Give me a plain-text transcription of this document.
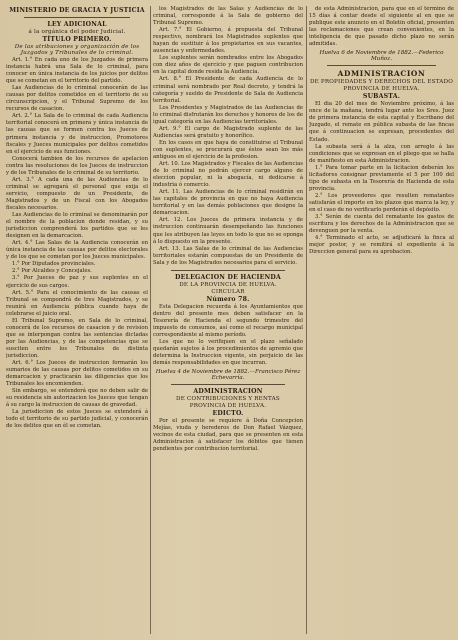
MINISTERIO DE GRACIA Y JUSTICIA
LEY ADICIONAL
á la orgánica del poder Judicial.
TÍTULO PRIMERO.
De las atribuciones y organización de los Juzgados y Tribunales de lo criminal.

Art. 1.° En cada uno de los Juzgados de primera instancia habrá una Sala de lo criminal, para conocer en única instancia de los juicios por delitos que se cometan en el territorio del partido.

Las Audiencias de lo criminal conocerán de las causas por delitos cometidos en el territorio de su circunscripcion, y el Tribunal Supremo de los recursos de casacion.

Art. 2.° La Sala de lo criminal de cada Audiencia territorial conocerá en primera y única instancia de las causas que se formen contra los Jueces de primera instancia y de instruccion, Promotores fiscales y Jueces municipales por delitos cometidos en el ejercicio de sus funciones.

Conocerá tambien de los recursos de apelacion contra las resoluciones de los Jueces de instruccion y de los Tribunales de lo criminal de su territorio.

Art. 3.° A cada una de las Audiencias de lo criminal se agregará el personal que exija el servicio, compuesto de un Presidente, de Magistrados y de un Fiscal con los Abogados fiscales necesarios.

Las Audiencias de lo criminal se denominarán por el nombre de la poblacion donde residan, y su jurisdiccion comprenderá los partidos que se les designen en la demarcacion.

Art. 4.° Las Salas de la Audiencia conocerán en única instancia de las causas por delitos electorales y de los que se cometan por los Jueces municipales.

1.° Por Diputados provinciales.

2.° Por Alcaldes y Concejales.

3.° Por Jueces de paz y sus suplentes en el ejercicio de sus cargos.

Art. 5.° Para el conocimiento de las causas el Tribunal se compondrá de tres Magistrados, y se reunirá en Audiencia pública cuando haya de celebrarse el juicio oral.

El Tribunal Supremo, en Sala de lo criminal, conocerá de los recursos de casacion y de revision que se interpongan contra las sentencias dictadas por las Audiencias, y de las competencias que se susciten entre los Tribunales de distinta jurisdiccion.

Art. 6.° Los Jueces de instruccion formarán los sumarios de las causas por delitos cometidos en su demarcacion y practicarán las diligencias que los Tribunales les encomienden.

Sin embargo, se entenderá que no deben salir de su residencia sin autorizacion los Jueces que tengan á su cargo la instruccion de causas de gravedad.

La jurisdiccion de estos Jueces se extenderá á todo el territorio de su partido judicial, y conocerán de los delitos que en él se cometan.

los Magistrados de las Salas y Audiencias de lo criminal, corresponde á la Sala de gobierno del Tribunal Supremo.

Art. 7.° El Gobierno, á propuesta del Tribunal respectivo, nombrará los Magistrados suplentes que hayan de sustituir á los propietarios en sus vacantes, ausencias y enfermedades.

Los suplentes serán nombrados entre los Abogados con diez años de ejercicio y que paguen contribucion en la capital donde resida la Audiencia.

Art. 8.° El Presidente de cada Audiencia de lo criminal será nombrado por Real decreto, y tendrá la categoría y sueldo de Presidente de Sala de Audiencia territorial.

Los Presidentes y Magistrados de las Audiencias de lo criminal disfrutarán los derechos y honores de los de igual categoría en las Audiencias territoriales.

Art. 9.° El cargo de Magistrado suplente de las Audiencias será gratuito y honorífico.

En los casos en que haya de constituirse el Tribunal con suplentes, se procurará que éstos sean los más antiguos en el ejercicio de la profesion.

Art. 10. Los Magistrados y Fiscales de las Audiencias de lo criminal no podrán ejercer cargo alguno de eleccion popular, ni la abogacía, ni dedicarse á industria ó comercio.

Art. 11. Las Audiencias de lo criminal residirán en las capitales de provincia en que no haya Audiencia territorial y en las demás poblaciones que designe la demarcacion.

Art. 12. Los Jueces de primera instancia y de instruccion continuarán desempeñando las funciones que les atribuyen las leyes en todo lo que no se oponga á lo dispuesto en la presente.

Art. 13. Las Salas de lo criminal de las Audiencias territoriales estarán compuestas de un Presidente de Sala y de los Magistrados necesarios para el servicio.

DELEGACION DE HACIENDA
DE LA PROVINCIA DE HUELVA.
CIRCULAR
Número 78.

Esta Delegacion recuerda á los Ayuntamientos que dentro del presente mes deben satisfacer en la Tesorería de Hacienda el segundo trimestre del impuesto de consumos, así como el recargo municipal correspondiente al mismo período.

Los que no lo verifiquen en el plazo señalado quedarán sujetos á los procedimientos de apremio que determina la Instruccion vigente, sin perjuicio de las demás responsabilidades en que incurran.

Huelva 4 de Noviembre de 1882.—Francisco Pérez Echevarría.

ADMINISTRACION
DE CONTRIBUCIONES Y RENTAS
PROVINCIA DE HUELVA.
EDICTO.

Por el presente se requiere á Doña Concepcion Mejías, viuda y herederos de Don Rafael Vázquez, vecinos de esta ciudad, para que se presenten en esta Administracion á satisfacer los débitos que tienen pendientes por contribucion territorial.

de esta Administracion, para que en el término de 15 días á contar desde el siguiente al en que se publique este anuncio en el Boletin oficial, presenten las reclamaciones que crean convenientes, en la inteligencia de que pasado dicho plazo no serán admitidas.

Huelva 6 de Noviembre de 1882.—Federico Muñoz.

ADMINISTRACION
DE PROPIEDADES Y DERECHOS DEL ESTADO
PROVINCIA DE HUELVA.
SUBASTA.

El dia 20 del mes de Noviembre próximo, á las once de la mañana, tendrá lugar ante los Sres. Juez de primera instancia de esta capital y Escribano del Juzgado, el remate en pública subasta de las fincas que á continuacion se expresan, procedentes del Estado.

La subasta será á la alza, con arreglo á las condiciones que se expresan en el pliego que se halla de manifiesto en esta Administracion.

1.° Para tomar parte en la licitacion deberán los licitadores consignar previamente el 5 por 100 del tipo de subasta en la Tesorería de Hacienda de esta provincia.

2.° Los proveedores que resulten rematantes satisfarán el importe en los plazos que marca la ley, y en el caso de no verificarlo perderán el depósito.

3.° Serán de cuenta del rematante los gastos de escritura y los derechos de la Administracion que se devenguen por la venta.

4.° Terminado el acto, se adjudicará la finca al mejor postor, y se remitirá el expediente á la Direccion general para su aprobacion.
